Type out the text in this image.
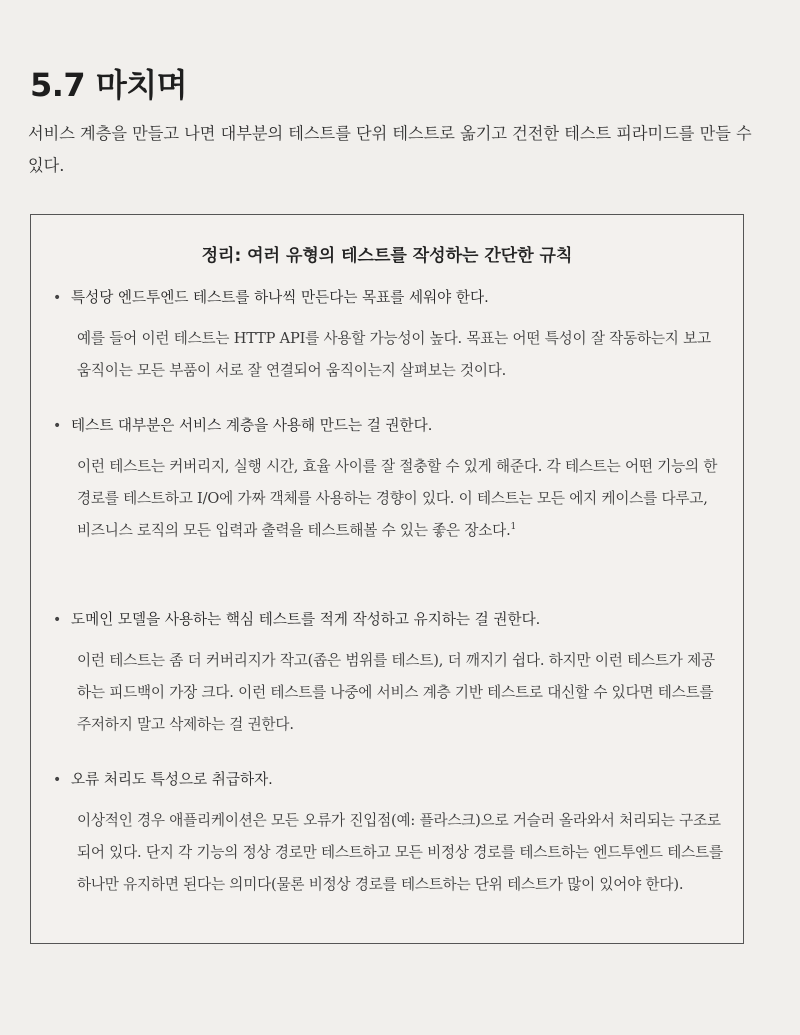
5.7 마치며

서비스 계층을 만들고 나면 대부분의 테스트를 단위 테스트로 옮기고 건전한 테스트 피라미드를 만들 수 있다.

정리: 여러 유형의 테스트를 작성하는 간단한 규칙
• 특성당 엔드투엔드 테스트를 하나씩 만든다는 목표를 세워야 한다.

예를 들어 이런 테스트는 HTTP API를 사용할 가능성이 높다. 목표는 어떤 특성이 잘 작동하는지 보고 움직이는 모든 부품이 서로 잘 연결되어 움직이는지 살펴보는 것이다.

• 테스트 대부분은 서비스 계층을 사용해 만드는 걸 권한다.

이런 테스트는 커버리지, 실행 시간, 효율 사이를 잘 절충할 수 있게 해준다. 각 테스트는 어떤 기능의 한 경로를 테스트하고 I/O에 가짜 객체를 사용하는 경향이 있다. 이 테스트는 모든 에지 케이스를 다루고, 비즈니스 로직의 모든 입력과 출력을 테스트해볼 수 있는 좋은 장소다.$^1$

• 도메인 모델을 사용하는 핵심 테스트를 적게 작성하고 유지하는 걸 권한다.

이런 테스트는 좀 더 커버리지가 작고(좁은 범위를 테스트), 더 깨지기 쉽다. 하지만 이런 테스트가 제공하는 피드백이 가장 크다. 이런 테스트를 나중에 서비스 계층 기반 테스트로 대신할 수 있다면 테스트를 주저하지 말고 삭제하는 걸 권한다.

• 오류 처리도 특성으로 취급하자.

이상적인 경우 애플리케이션은 모든 오류가 진입점(예: 플라스크)으로 거슬러 올라와서 처리되는 구조로 되어 있다. 단지 각 기능의 정상 경로만 테스트하고 모든 비정상 경로를 테스트하는 엔드투엔드 테스트를 하나만 유지하면 된다는 의미다(물론 비정상 경로를 테스트하는 단위 테스트가 많이 있어야 한다).
